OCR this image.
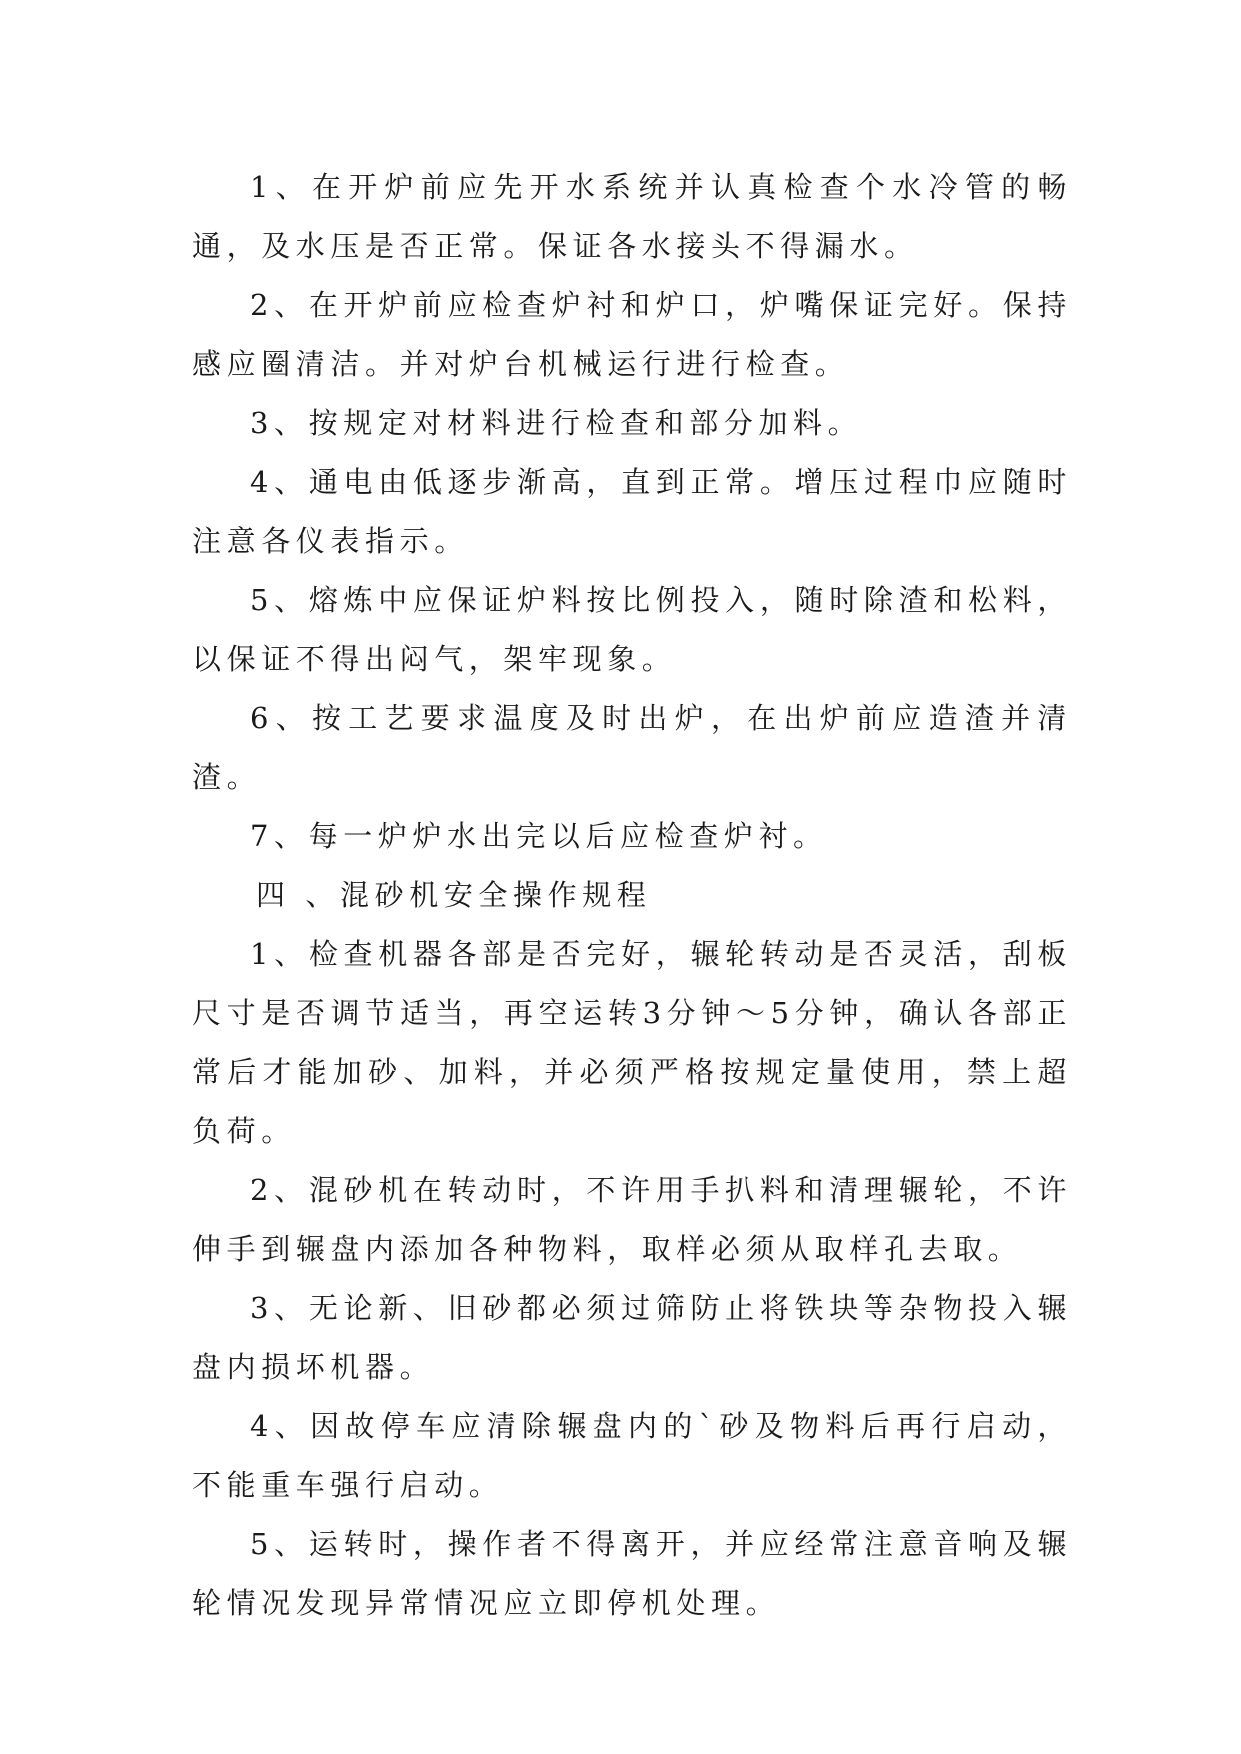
1、在开炉前应先开水系统并认真检查个水冷管的畅通，及水压是否正常。保证各水接头不得漏水。

2、在开炉前应检查炉衬和炉口，炉嘴保证完好。保持感应圈清洁。并对炉台机械运行进行检查。

3、按规定对材料进行检查和部分加料。

4、通电由低逐步渐高，直到正常。增压过程巾应随时注意各仪表指示。

5、熔炼中应保证炉料按比例投入，随时除渣和松料，以保证不得出闷气，架牢现象。

6、按工艺要求温度及时出炉，在出炉前应造渣并清渣。

7、每一炉炉水出完以后应检查炉衬。

四 、混砂机安全操作规程

1、检查机器各部是否完好，辗轮转动是否灵活，刮板尺寸是否调节适当，再空运转3分钟～5分钟，确认各部正常后才能加砂、加料，并必须严格按规定量使用，禁上超负荷。

2、混砂机在转动时，不许用手扒料和清理辗轮，不许伸手到辗盘内添加各种物料，取样必须从取样孔去取。

3、无论新、旧砂都必须过筛防止将铁块等杂物投入辗盘内损坏机器。

4、因故停车应清除辗盘内的`砂及物料后再行启动，不能重车强行启动。

5、运转时，操作者不得离开，并应经常注意音响及辗轮情况发现异常情况应立即停机处理。
